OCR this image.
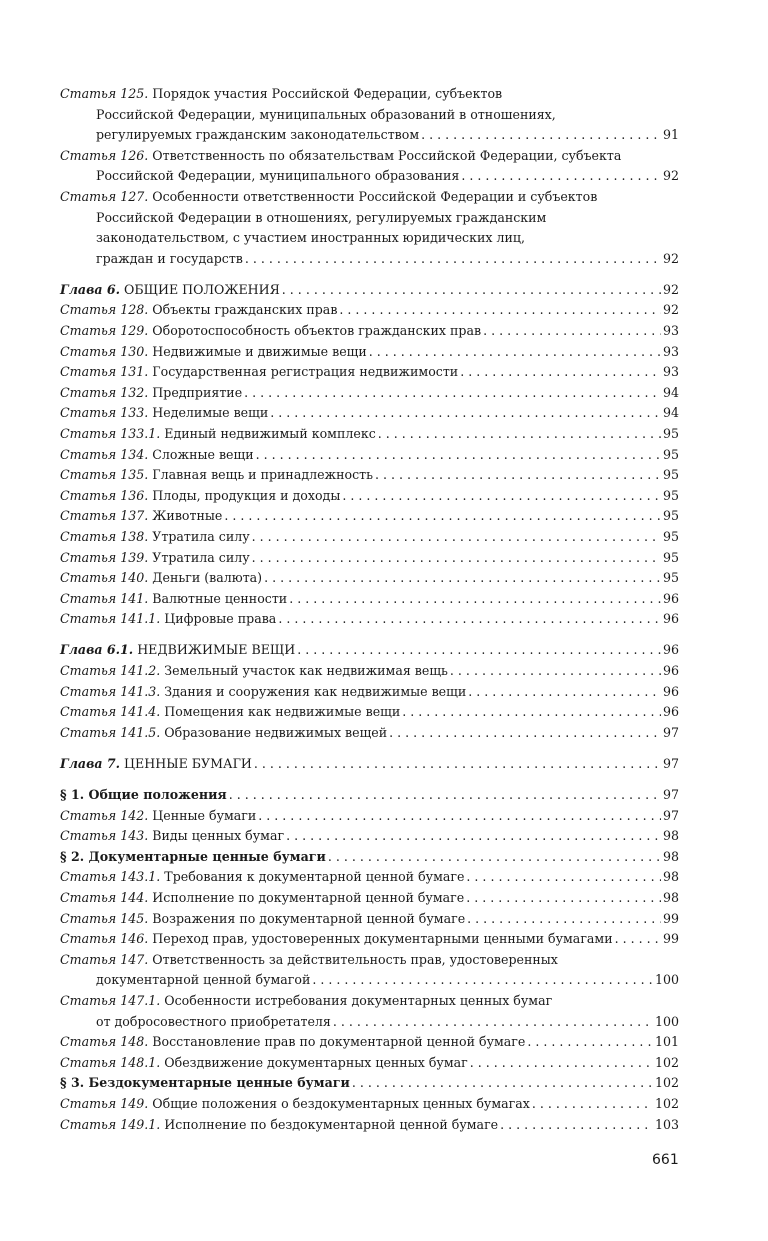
Статья 125. Порядок участия Российской Федерации, субъектов
Российской Федерации, муниципальных образований в отношениях,
регулируемых гражданским законодательством . . .	91
Статья 126. Ответственность по обязательствам Российской Федерации, субъекта
Российской Федерации, муниципального образования . . .	92
Статья 127. Особенности ответственности Российской Федерации и субъектов
Российской Федерации в отношениях, регулируемых гражданским
законодательством, с участием иностранных юридических лиц,
граждан и государств . . .	92
Глава 6. ОБЩИЕ ПОЛОЖЕНИЯ . . .	92
Статья 128. Объекты гражданских прав . . .	92
Статья 129. Оборотоспособность объектов гражданских прав . . .	93
Статья 130. Недвижимые и движимые вещи . . .	93
Статья 131. Государственная регистрация недвижимости . . .	93
Статья 132. Предприятие . . .	94
Статья 133. Неделимые вещи . . .	94
Статья 133.1. Единый недвижимый комплекс . . .	95
Статья 134. Сложные вещи . . .	95
Статья 135. Главная вещь и принадлежность . . .	95
Статья 136. Плоды, продукция и доходы . . .	95
Статья 137. Животные . . .	95
Статья 138. Утратила силу . . .	95
Статья 139. Утратила силу . . .	95
Статья 140. Деньги (валюта) . . .	95
Статья 141. Валютные ценности . . .	96
Статья 141.1. Цифровые права . . .	96
Глава 6.1. НЕДВИЖИМЫЕ ВЕЩИ . . .	96
Статья 141.2. Земельный участок как недвижимая вещь . . .	96
Статья 141.3. Здания и сооружения как недвижимые вещи . . .	96
Статья 141.4. Помещения как недвижимые вещи . . .	96
Статья 141.5. Образование недвижимых вещей . . .	97
Глава 7. ЦЕННЫЕ БУМАГИ . . .	97
§ 1. Общие положения . . .	97
Статья 142. Ценные бумаги . . .	97
Статья 143. Виды ценных бумаг . . .	98
§ 2. Документарные ценные бумаги . . .	98
Статья 143.1. Требования к документарной ценной бумаге . . .	98
Статья 144. Исполнение по документарной ценной бумаге . . .	98
Статья 145. Возражения по документарной ценной бумаге . . .	99
Статья 146. Переход прав, удостоверенных документарными ценными бумагами . . .	99
Статья 147. Ответственность за действительность прав, удостоверенных
документарной ценной бумагой . . .	100
Статья 147.1. Особенности истребования документарных ценных бумаг
от добросовестного приобретателя . . .	100
Статья 148. Восстановление прав по документарной ценной бумаге . . .	101
Статья 148.1. Обездвижение документарных ценных бумаг . . .	102
§ 3. Бездокументарные ценные бумаги . . .	102
Статья 149. Общие положения о бездокументарных ценных бумагах . . .	102
Статья 149.1. Исполнение по бездокументарной ценной бумаге . . .	103
661
